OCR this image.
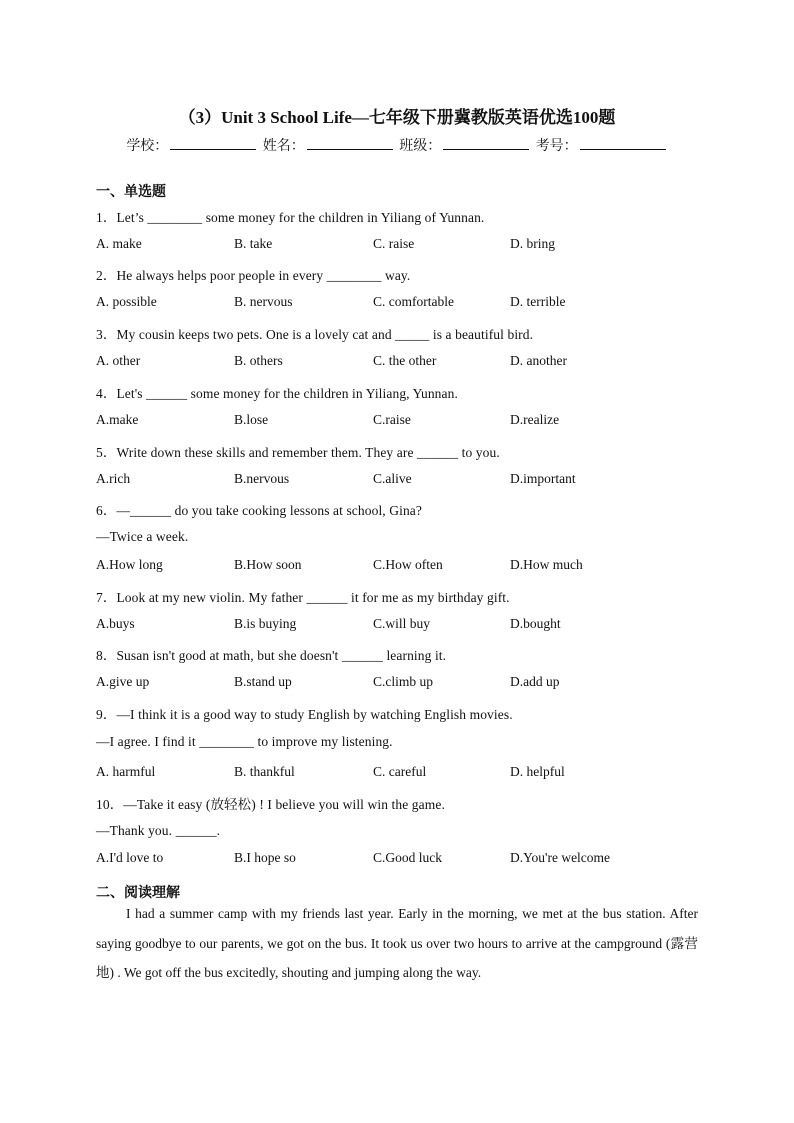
（3）Unit 3 School Life—七年级下册冀教版英语优选100题
学校：	姓名：	班级：	考号：
一、单选题
1．Let’s ________ some money for the children in Yiliang of Yunnan.
A. make	B. take	C. raise	D. bring
2．He always helps poor people in every ________ way.
A. possible	B. nervous	C. comfortable	D. terrible
3．My cousin keeps two pets. One is a lovely cat and _____ is a beautiful bird.
A. other	B. others	C. the other	D. another
4．Let's ______ some money for the children in Yiliang, Yunnan.
A.make	B.lose	C.raise	D.realize
5．Write down these skills and remember them. They are ______ to you.
A.rich	B.nervous	C.alive	D.important
6．—______ do you take cooking lessons at school, Gina?
—Twice a week.
A.How long	B.How soon	C.How often	D.How much
7．Look at my new violin. My father ______ it for me as my birthday gift.
A.buys	B.is buying	C.will buy	D.bought
8．Susan isn't good at math, but she doesn't ______ learning it.
A.give up	B.stand up	C.climb up	D.add up
9．—I think it is a good way to study English by watching English movies.
—I agree. I find it ________ to improve my listening.
A. harmful	B. thankful	C. careful	D. helpful
10．—Take it easy (放轻松) ! I believe you will win the game.
—Thank you. ______.
A.I'd love to	B.I hope so	C.Good luck	D.You're welcome
二、阅读理解

I had a summer camp with my friends last year. Early in the morning, we met at the bus station. After saying goodbye to our parents, we got on the bus. It took us over two hours to arrive at the campground (露营地) . We got off the bus excitedly, shouting and jumping along the way.
